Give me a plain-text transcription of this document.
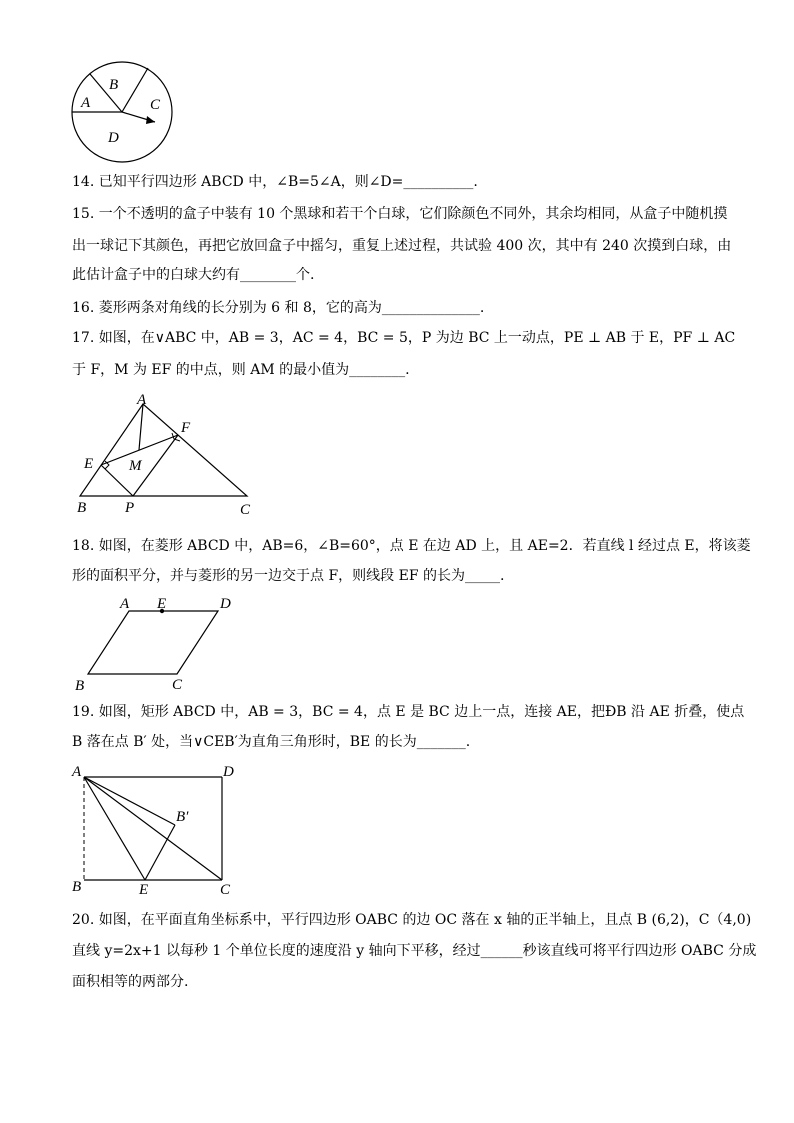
B
C
A
D
14. 已知平行四边形 ABCD 中，∠B=5∠A，则∠D=__________.
15. 一个不透明的盒子中装有 10 个黑球和若干个白球，它们除颜色不同外，其余均相同，从盒子中随机摸
出一球记下其颜色，再把它放回盒子中摇匀，重复上述过程，共试验 400 次，其中有 240 次摸到白球，由
此估计盒子中的白球大约有________个.
16. 菱形两条对角线的长分别为 6 和 8，它的高为______________.
17. 如图，在∨ABC 中，AB = 3，AC = 4，BC = 5，P 为边 BC 上一动点，PE ⊥ AB 于 E，PF ⊥ AC
于 F，M 为 EF 的中点，则 AM 的最小值为________.
A
F
E M
B	P	C
18. 如图，在菱形 ABCD 中，AB=6，∠B=60°，点 E 在边 AD 上，且 AE=2．若直线 l 经过点 E，将该菱
形的面积平分，并与菱形的另一边交于点 F，则线段 EF 的长为_____.
A E	D
B	C
19. 如图，矩形 ABCD 中，AB = 3，BC = 4，点 E 是 BC 边上一点，连接 AE，把ÐB 沿 AE 折叠，使点
B 落在点 B′ 处，当∨CEB′为直角三角形时，BE 的长为_______.
A	D
B′
B	E	C
20. 如图，在平面直角坐标系中，平行四边形 OABC 的边 OC 落在 x 轴的正半轴上，且点 B (6,2)，C（4,0)
直线 y=2x+1 以每秒 1 个单位长度的速度沿 y 轴向下平移，经过______秒该直线可将平行四边形 OABC 分成
面积相等的两部分.
